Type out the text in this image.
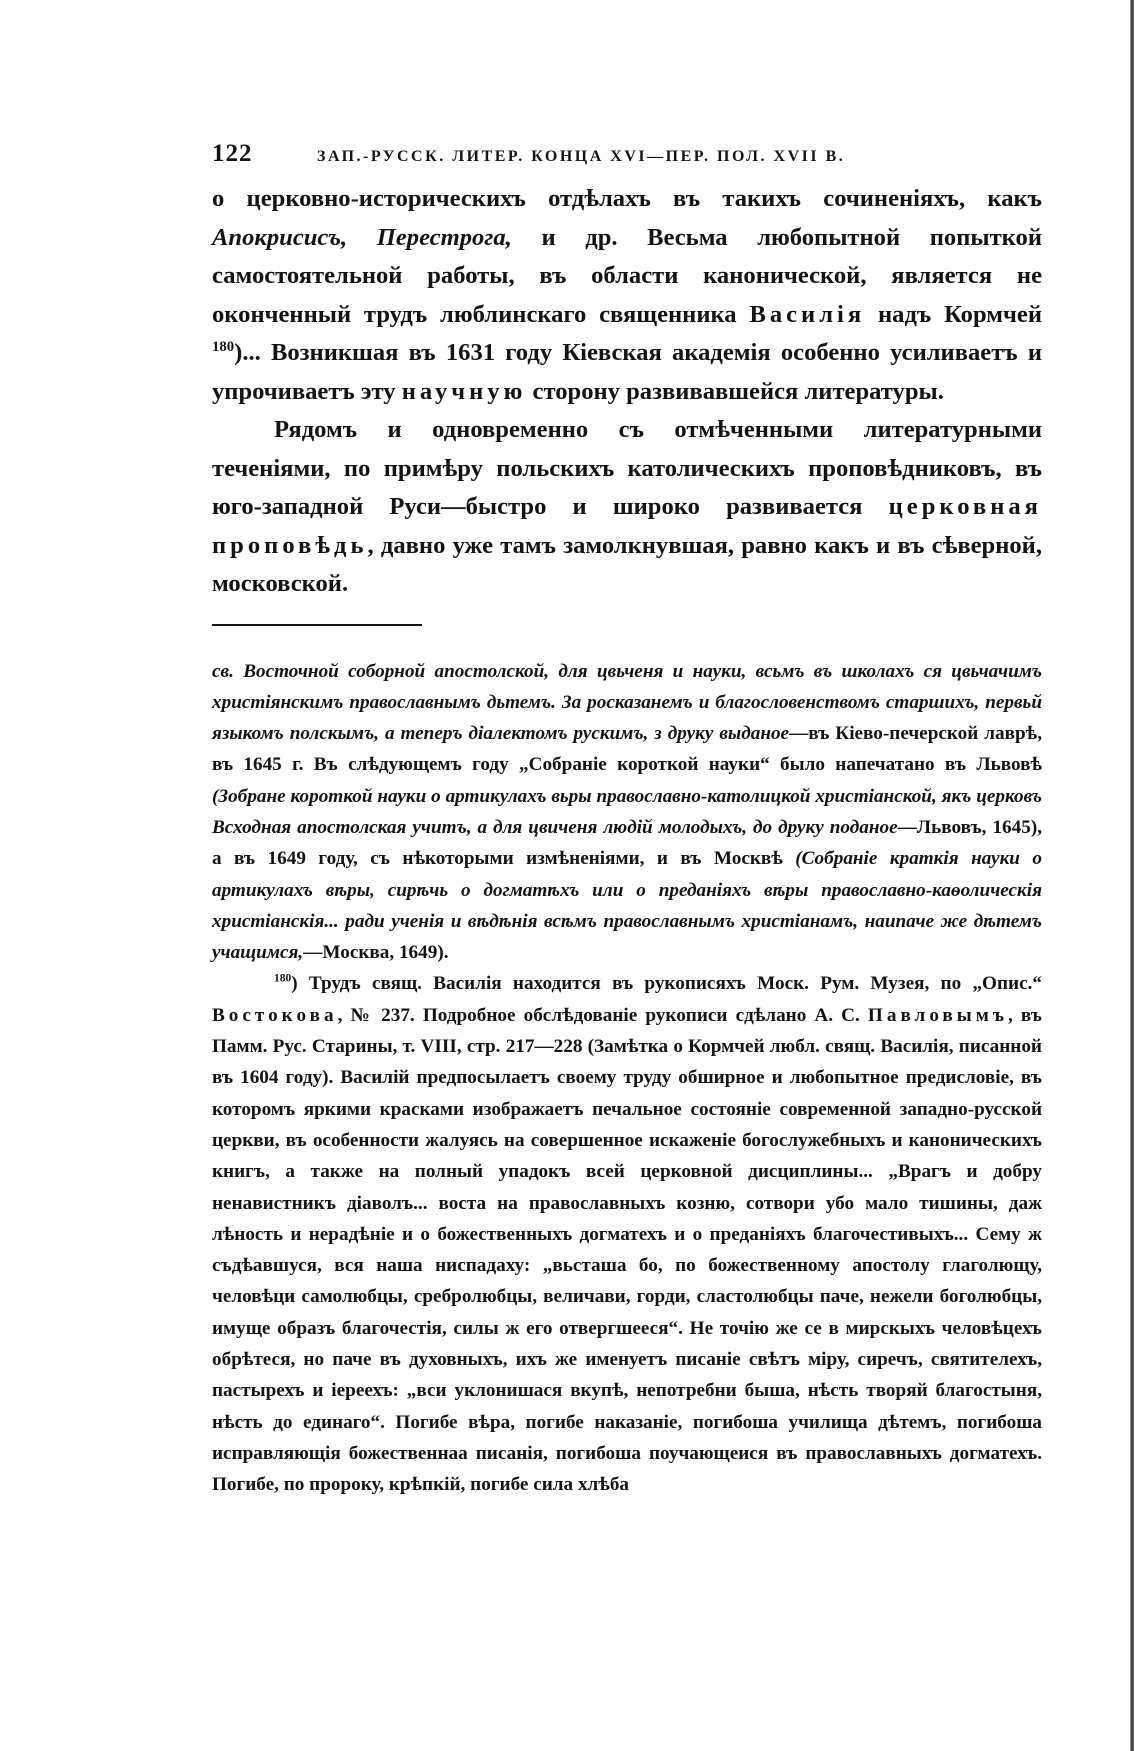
122	ЗАП.-РУССК. ЛИТЕР. КОНЦА XVI—ПЕР. ПОЛ. XVII В.

о церковно-историческихъ отдѣлахъ въ такихъ сочиненіяхъ, какъ Апокрисисъ, Перестрога, и др. Весьма любопытной попыткой самостоятельной работы, въ области канонической, является не оконченный трудъ люблинскаго священника Василія надъ Кормчей $^{180}$)... Возникшая въ 1631 году Кіевская академія особенно усиливаетъ и упрочиваетъ эту научную сторону развивавшейся литературы.

Рядомъ и одновременно съ отмѣченными литературными теченіями, по примѣру польскихъ католическихъ проповѣдниковъ, въ юго-западной Руси—быстро и широко развивается церковная проповѣдь, давно уже тамъ замолкнувшая, равно какъ и въ сѣверной, московской.

св. Восточной соборной апостолской, для цвьченя и науки, всьмъ въ школахъ ся цвьчачимъ христіянскимъ православнымъ дьтемъ. За росказанемъ и благословенствомъ старшихъ, первьй языкомъ полскымъ, а теперъ діалектомъ рускимъ, з друку выданое—въ Кіево-печерской лаврѣ, въ 1645 г. Въ слѣдующемъ году „Собраніе короткой науки“ было напечатано въ Львовѣ (Зобране короткой науки о артикулахъ вьры православно-католицкой христіанской, якъ церковъ Всходная апостолская учитъ, а для цвиченя людій молодыхъ, до друку поданое—Львовъ, 1645), а въ 1649 году, съ нѣкоторыми измѣненіями, и въ Москвѣ (Собраніе краткія науки о артикулахъ вѣры, сирѣчь о догматѣхъ или о преданіяхъ вѣры православно-каѳолическія христіанскія... ради ученія и вѣдѣнія всѣмъ православнымъ христіанамъ, наипаче же дѣтемъ учащимся,—Москва, 1649).

$^{180}$) Трудъ свящ. Василія находится въ рукописяхъ Моск. Рум. Музея, по „Опис.“ Востокова, № 237. Подробное обслѣдованіе рукописи сдѣлано А. С. Павловымъ, въ Памм. Рус. Старины, т. VIII, стр. 217—228 (Замѣтка о Кормчей любл. свящ. Василія, писанной въ 1604 году). Василій предпосылаетъ своему труду обширное и любопытное предисловіе, въ которомъ яркими красками изображаетъ печальное состояніе современной западно-русской церкви, въ особенности жалуясь на совершенное искаженіе богослужебныхъ и каноническихъ книгъ, а также на полный упадокъ всей церковной дисциплины... „Врагъ и добру ненавистникъ діаволъ... воста на православныхъ козню, сотвори убо мало тишины, даж лѣность и нерадѣніе и о божественныхъ догматехъ и о преданіяхъ благочестивыхъ... Сему ж съдѣавшуся, вся наша ниспадаху: „вьсташа бо, по божественному апостолу глаголющу, человѣци самолюбцы, сребролюбцы, величави, горди, сластолюбцы паче, нежели боголюбцы, имуще образъ благочестія, силы ж его отвергшееся“. Не точію же се в мирскыхъ человѣцехъ обрѣтеся, но паче въ духовныхъ, ихъ же именуетъ писаніе свѣтъ міру, сиречъ, святителехъ, пастырехъ и іереехъ: „вси уклонишася вкупѣ, непотребни быша, нѣсть творяй благостыня, нѣсть до единаго“. Погибе вѣра, погибе наказаніе, погибоша училища дѣтемъ, погибоша исправляющія божественнаа писанія, погибоша поучающеися въ православныхъ догматехъ. Погибе, по пророку, крѣпкій, погибе сила хлѣба
